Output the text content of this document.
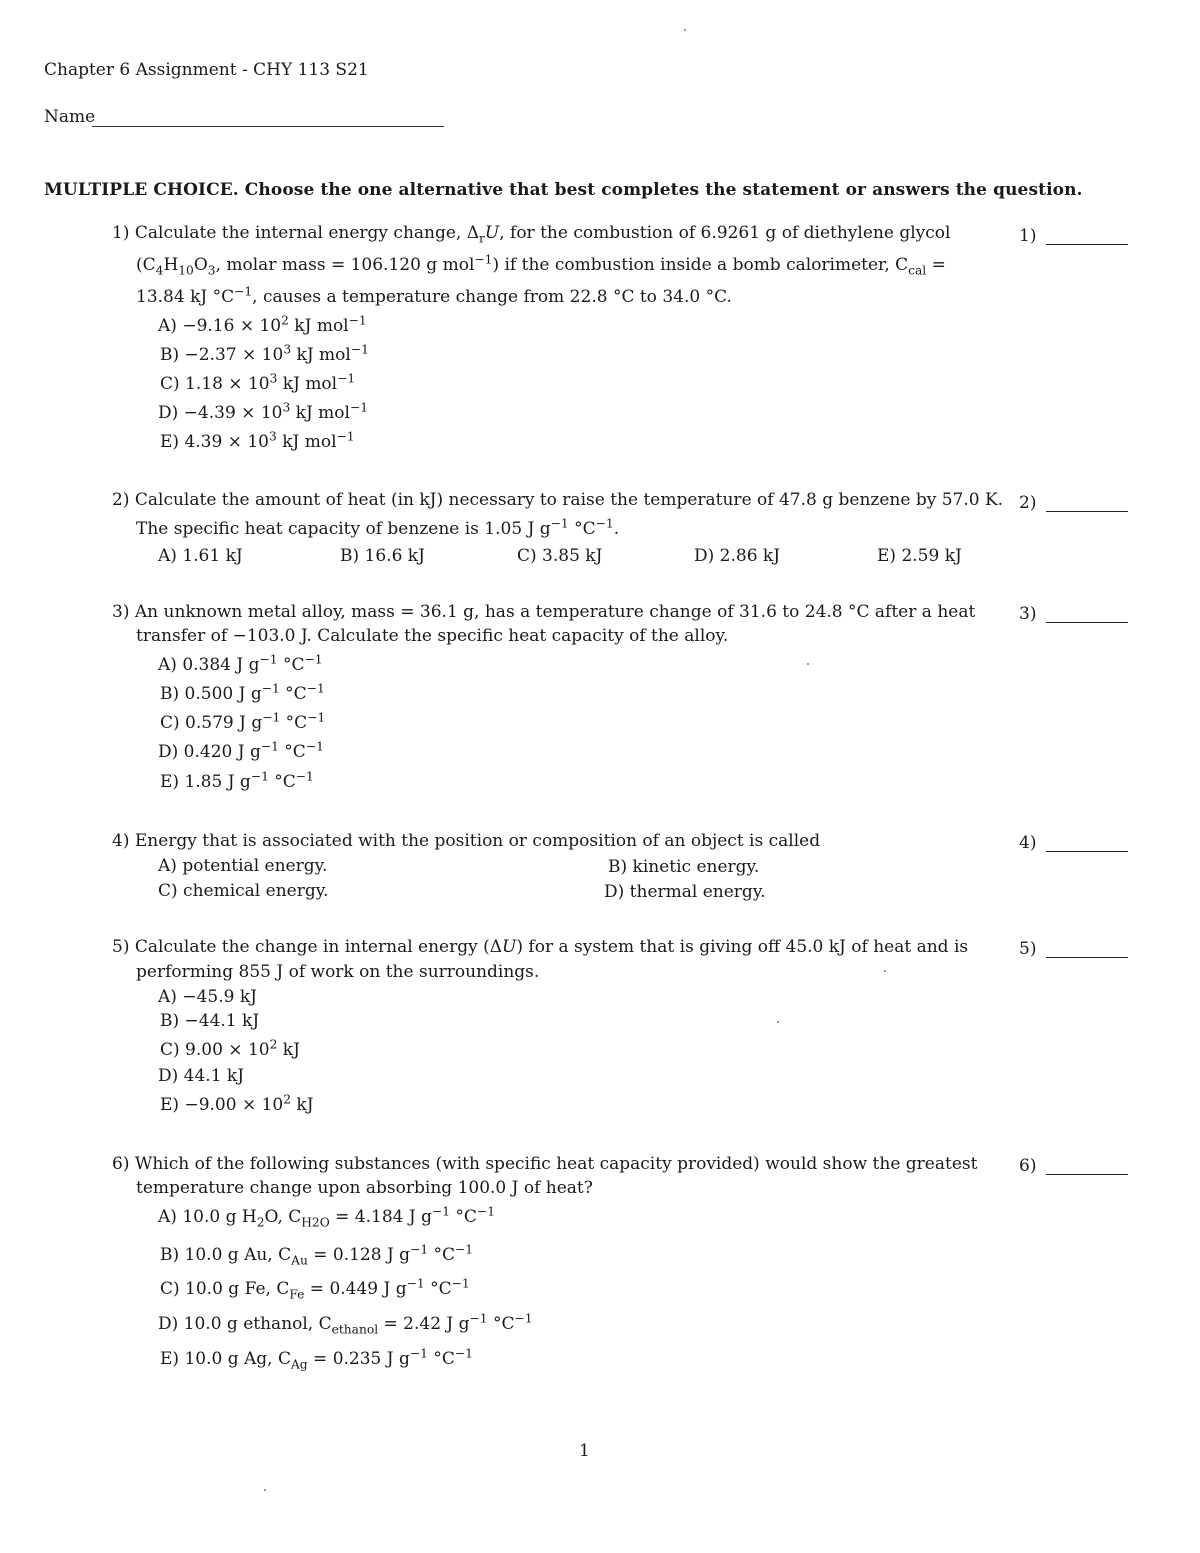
Chapter 6 Assignment - CHY 113 S21
Name
MULTIPLE CHOICE. Choose the one alternative that best completes the statement or answers the question.
1) Calculate the internal energy change, $\Delta_rU$, for the combustion of 6.9261 g of diethylene glycol
($C_4H_{10}O_3$, molar mass = 106.120 g mol$^{-1}$) if the combustion inside a bomb calorimeter, $C_{cal}$ =
13.84 kJ $^\circ C^{-1}$, causes a temperature change from 22.8 °C to 34.0 °C.
1)
$A) -9.16 \times 10^2$ kJ mol$^{-1}$
$B) -2.37 \times 10^3$ kJ mol$^{-1}$
C) $1.18 \times 10^3$ kJ mol$^{-1}$
$D) -4.39 \times 10^3$ kJ mol$^{-1}$
E) $4.39 \times 10^3$ kJ mol$^{-1}$
2) Calculate the amount of heat (in kJ) necessary to raise the temperature of 47.8 g benzene by 57.0 K.
The specific heat capacity of benzene is 1.05 J $g^{-1}$ $^\circ C^{-1}$.
2)
A) 1.61 kJ	B) 16.6 kJ	C) 3.85 kJ	D) 2.86 kJ	E) 2.59 kJ
3) An unknown metal alloy, mass = 36.1 g, has a temperature change of 31.6 to 24.8 °C after a heat
transfer of −103.0 J. Calculate the specific heat capacity of the alloy.
3)
A) 0.384 J $g^{-1}$ $^\circ C^{-1}$
B) 0.500 J $g^{-1}$ $^\circ C^{-1}$
C) 0.579 J $g^{-1}$ $^\circ C^{-1}$
D) 0.420 J $g^{-1}$ $^\circ C^{-1}$
E) 1.85 J $g^{-1}$ $^\circ C^{-1}$
4) Energy that is associated with the position or composition of an object is called	4)
A) potential energy.	B) kinetic energy.
C) chemical energy.	D) thermal energy.
5) Calculate the change in internal energy (ΔU) for a system that is giving off 45.0 kJ of heat and is
performing 855 J of work on the surroundings.
5)
A) −45.9 kJ
B) −44.1 kJ
C) $9.00 \times 10^2$ kJ
D) 44.1 kJ
$E) -9.00 \times 10^2$ kJ
6) Which of the following substances (with specific heat capacity provided) would show the greatest
temperature change upon absorbing 100.0 J of heat?
6)
A) 10.0 g $H_2O$, $C_{H2O} = 4.184$ J $g^{-1}$ $^\circ C^{-1}$
B) 10.0 g Au, $C_{Au} = 0.128$ J $g^{-1}$ $^\circ C^{-1}$
C) 10.0 g Fe, $C_{Fe} = 0.449$ J $g^{-1}$ $^\circ C^{-1}$
D) 10.0 g ethanol, $C_{ethanol} = 2.42$ J $g^{-1}$ $^\circ C^{-1}$
E) 10.0 g Ag, $C_{Ag} = 0.235$ J $g^{-1}$ $^\circ C^{-1}$
1
